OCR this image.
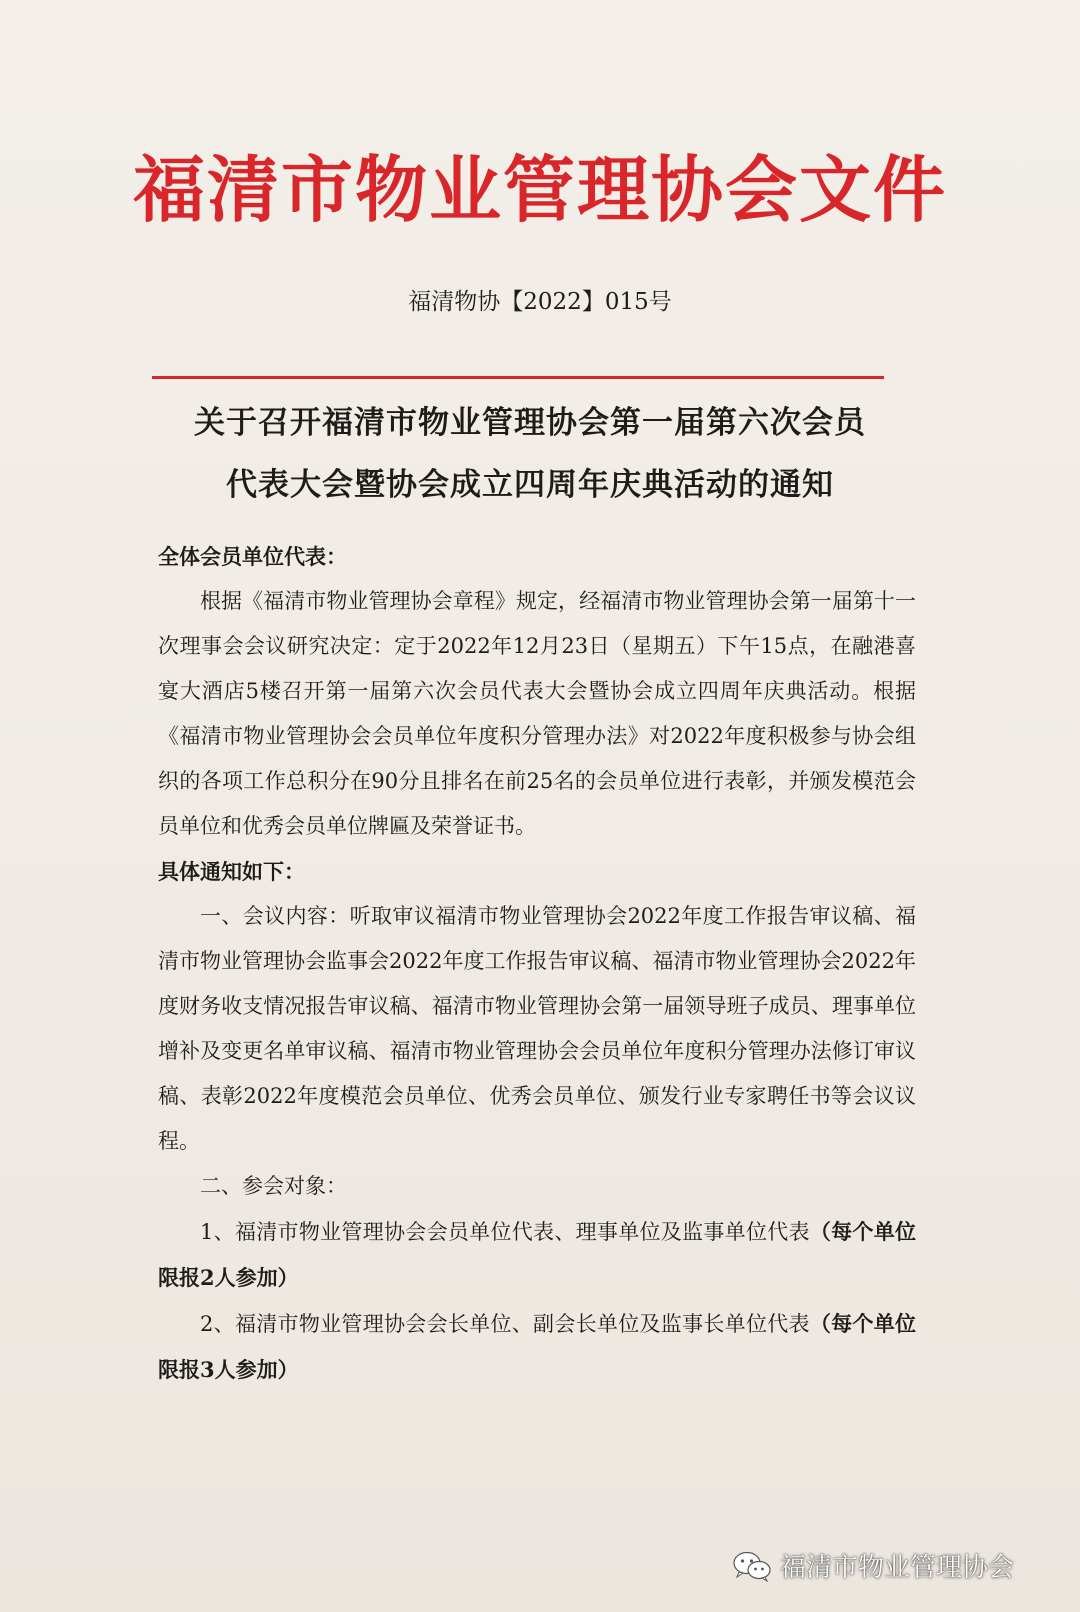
福清市物业管理协会文件
福清物协【2022】015号
关于召开福清市物业管理协会第一届第六次会员
代表大会暨协会成立四周年庆典活动的通知

全体会员单位代表：

根据《福清市物业管理协会章程》规定，经福清市物业管理协会第一届第十一次理事会会议研究决定：定于2022年12月23日（星期五）下午15点，在融港喜宴大酒店5楼召开第一届第六次会员代表大会暨协会成立四周年庆典活动。根据《福清市物业管理协会会员单位年度积分管理办法》对2022年度积极参与协会组织的各项工作总积分在90分且排名在前25名的会员单位进行表彰，并颁发模范会员单位和优秀会员单位牌匾及荣誉证书。

具体通知如下：

一、会议内容：听取审议福清市物业管理协会2022年度工作报告审议稿、福清市物业管理协会监事会2022年度工作报告审议稿、福清市物业管理协会2022年度财务收支情况报告审议稿、福清市物业管理协会第一届领导班子成员、理事单位增补及变更名单审议稿、福清市物业管理协会会员单位年度积分管理办法修订审议稿、表彰2022年度模范会员单位、优秀会员单位、颁发行业专家聘任书等会议议程。

二、参会对象：

1、福清市物业管理协会会员单位代表、理事单位及监事单位代表（每个单位限报2人参加）

2、福清市物业管理协会会长单位、副会长单位及监事长单位代表（每个单位限报3人参加）

福清市物业管理协会
